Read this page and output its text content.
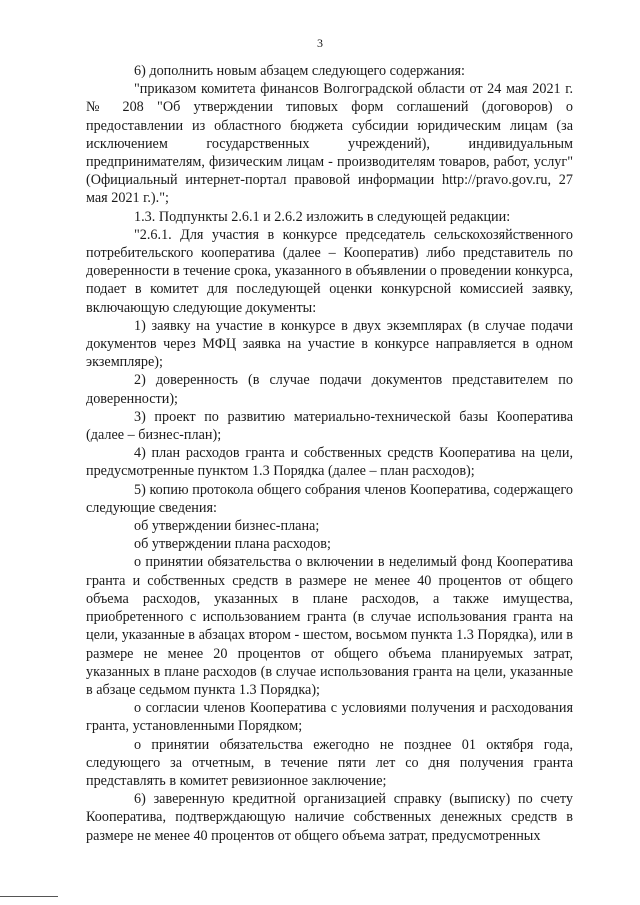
3

6) дополнить новым абзацем следующего содержания:

"приказом комитета финансов Волгоградской области от 24 мая 2021 г. № 208 "Об утверждении типовых форм соглашений (договоров) о предоставлении из областного бюджета субсидии юридическим лицам (за исключением государственных учреждений), индивидуальным предпринимателям, физическим лицам - производителям товаров, работ, услуг" (Официальный интернет-портал правовой информации http://pravo.gov.ru, 27 мая 2021 г.).";

1.3. Подпункты 2.6.1 и 2.6.2 изложить в следующей редакции:

"2.6.1. Для участия в конкурсе председатель сельскохозяйственного потребительского кооператива (далее – Кооператив) либо представитель по доверенности в течение срока, указанного в объявлении о проведении конкурса, подает в комитет для последующей оценки конкурсной комиссией заявку, включающую следующие документы:

1) заявку на участие в конкурсе в двух экземплярах (в случае подачи документов через МФЦ заявка на участие в конкурсе направляется в одном экземпляре);

2) доверенность (в случае подачи документов представителем по доверенности);

3) проект по развитию материально-технической базы Кооператива (далее – бизнес-план);

4) план расходов гранта и собственных средств Кооператива на цели, предусмотренные пунктом 1.3 Порядка (далее – план расходов);

5) копию протокола общего собрания членов Кооператива, содержащего следующие сведения:

об утверждении бизнес-плана;

об утверждении плана расходов;

о принятии обязательства о включении в неделимый фонд Кооператива гранта и собственных средств в размере не менее 40 процентов от общего объема расходов, указанных в плане расходов, а также имущества, приобретенного с использованием гранта (в случае использования гранта на цели, указанные в абзацах втором - шестом, восьмом пункта 1.3 Порядка), или в размере не менее 20 процентов от общего объема планируемых затрат, указанных в плане расходов (в случае использования гранта на цели, указанные в абзаце седьмом пункта 1.3 Порядка);

о согласии членов Кооператива с условиями получения и расходования гранта, установленными Порядком;

о принятии обязательства ежегодно не позднее 01 октября года, следующего за отчетным, в течение пяти лет со дня получения гранта представлять в комитет ревизионное заключение;

6) заверенную кредитной организацией справку (выписку) по счету Кооператива, подтверждающую наличие собственных денежных средств в размере не менее 40 процентов от общего объема затрат, предусмотренных
